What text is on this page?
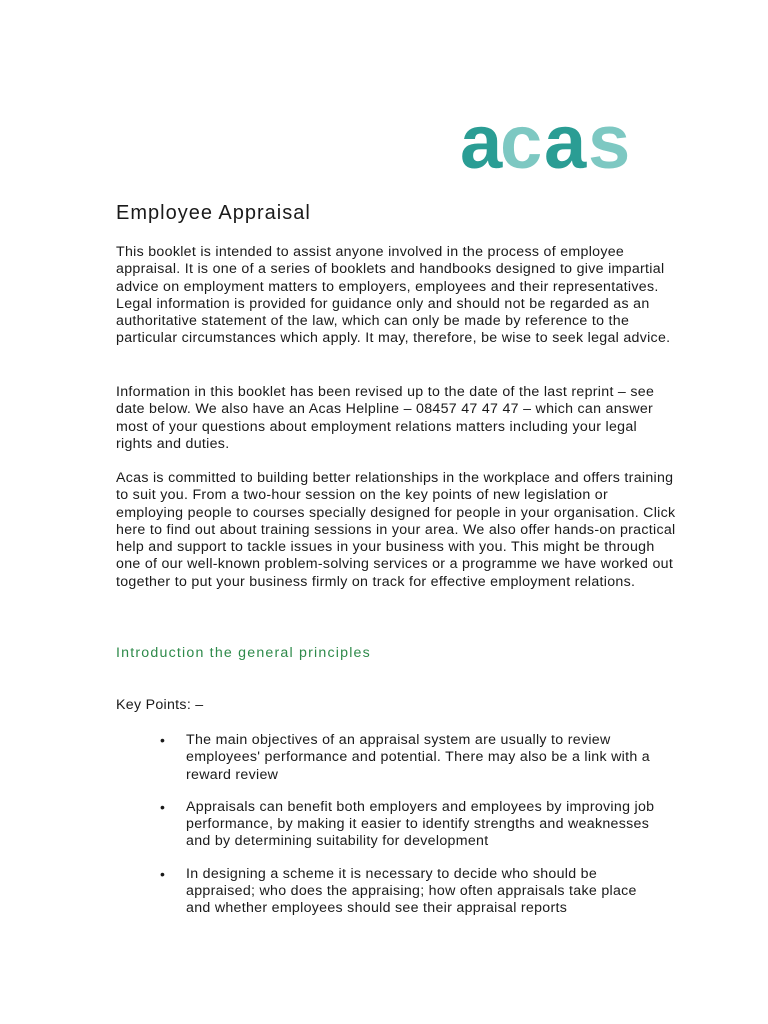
a c a s
Employee Appraisal

This booklet is intended to assist anyone involved in the process of employee appraisal. It is one of a series of booklets and handbooks designed to give impartial advice on employment matters to employers, employees and their representatives. Legal information is provided for guidance only and should not be regarded as an authoritative statement of the law, which can only be made by reference to the particular circumstances which apply. It may, therefore, be wise to seek legal advice.

Information in this booklet has been revised up to the date of the last reprint – see date below. We also have an Acas Helpline – 08457 47 47 47 – which can answer most of your questions about employment relations matters including your legal rights and duties.

Acas is committed to building better relationships in the workplace and offers training to suit you. From a two-hour session on the key points of new legislation or employing people to courses specially designed for people in your organisation. Click here to find out about training sessions in your area. We also offer hands-on practical help and support to tackle issues in your business with you. This might be through one of our well-known problem-solving services or a programme we have worked out together to put your business firmly on track for effective employment relations.

Introduction the general principles

Key Points: –

• The main objectives of an appraisal system are usually to review employees' performance and potential. There may also be a link with a reward review
• Appraisals can benefit both employers and employees by improving job performance, by making it easier to identify strengths and weaknesses and by determining suitability for development
• In designing a scheme it is necessary to decide who should be appraised; who does the appraising; how often appraisals take place and whether employees should see their appraisal reports
